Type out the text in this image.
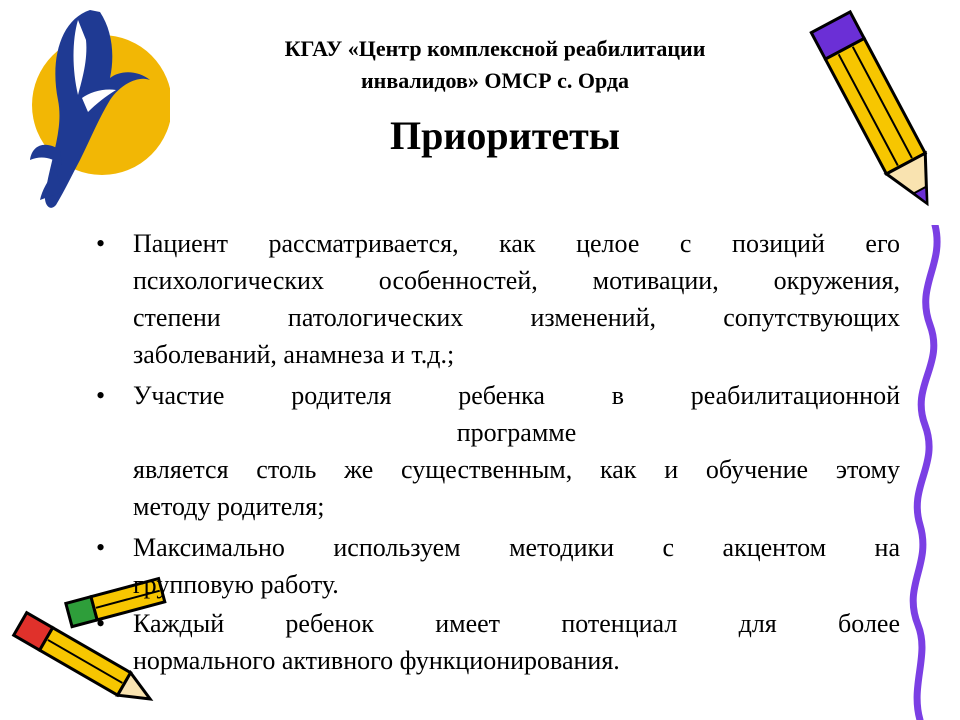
КГАУ «Центр комплексной реабилитации
инвалидов» ОМСР с. Орда
Приоритеты
• Пациент рассматривается, как целое с позиций его
психологических особенностей, мотивации, окружения,
степени патологических изменений, сопутствующих
заболеваний, анамнеза и т.д.;
• Участие родителя ребенка в реабилитационной
программе
является столь же существенным, как и обучение этому
методу родителя;
• Максимально используем методики с акцентом на
групповую работу.
• Каждый ребенок имеет потенциал для более
нормального активного функционирования.
